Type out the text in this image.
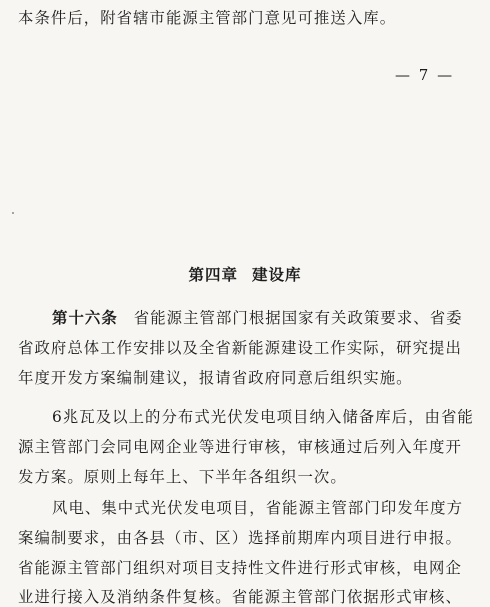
本条件后，附省辖市能源主管部门意见可推送入库。
— 7 —
第四章 建设库
第十六条 省能源主管部门根据国家有关政策要求、省委
省政府总体工作安排以及全省新能源建设工作实际，研究提出
年度开发方案编制建议，报请省政府同意后组织实施。
6兆瓦及以上的分布式光伏发电项目纳入储备库后，由省能
源主管部门会同电网企业等进行审核，审核通过后列入年度开
发方案。原则上每年上、下半年各组织一次。
风电、集中式光伏发电项目，省能源主管部门印发年度方
案编制要求，由各县（市、区）选择前期库内项目进行申报。
省能源主管部门组织对项目支持性文件进行形式审核，电网企
业进行接入及消纳条件复核。省能源主管部门依据形式审核、
